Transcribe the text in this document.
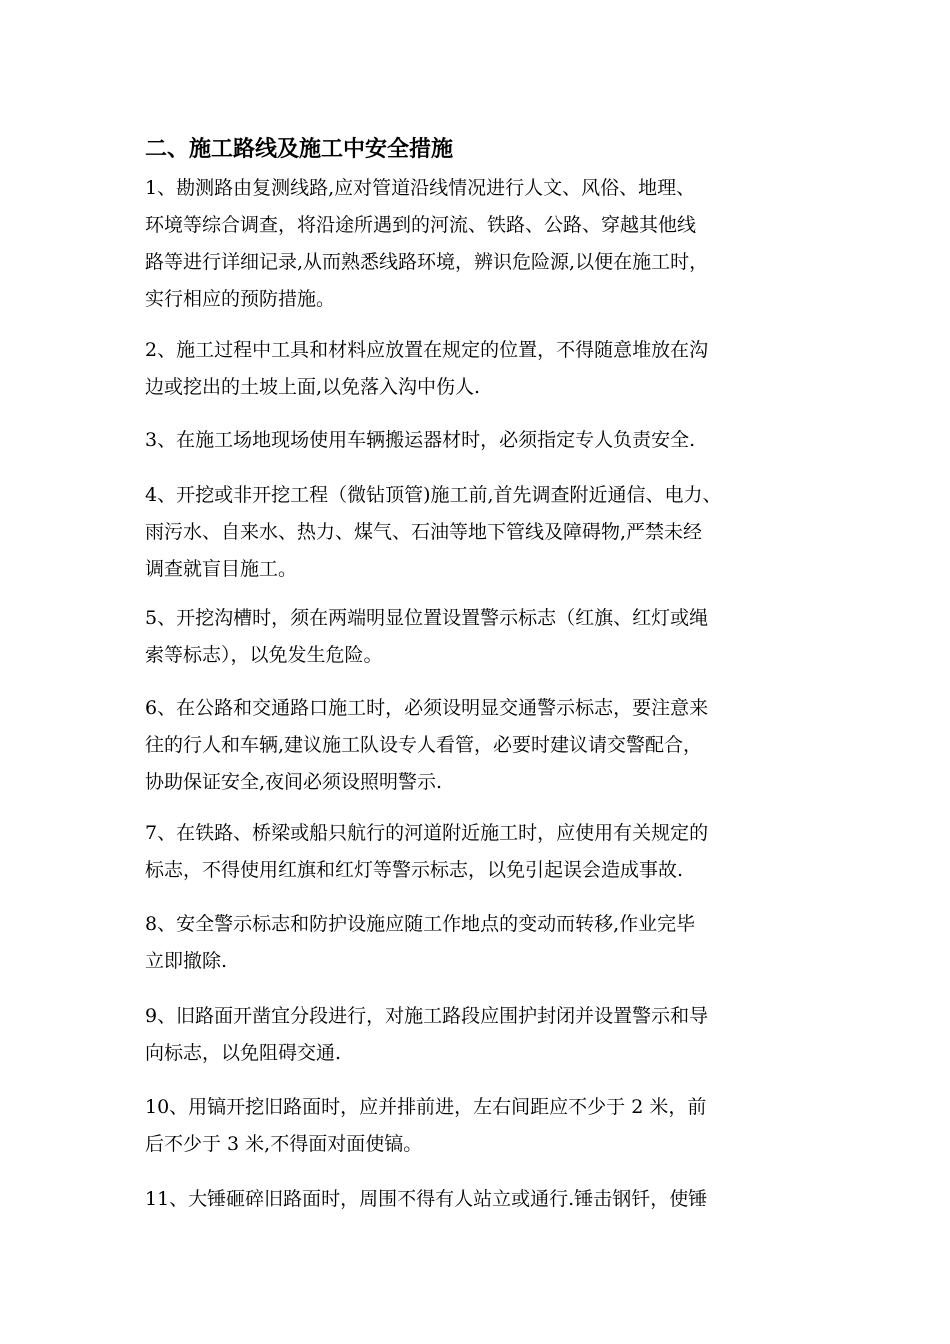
二、施工路线及施工中安全措施
1、勘测路由复测线路,应对管道沿线情况进行人文、风俗、地理、
环境等综合调查，将沿途所遇到的河流、铁路、公路、穿越其他线
路等进行详细记录,从而熟悉线路环境，辨识危险源,以便在施工时，
实行相应的预防措施。
2、施工过程中工具和材料应放置在规定的位置，不得随意堆放在沟
边或挖出的土坡上面,以免落入沟中伤人.
3、在施工场地现场使用车辆搬运器材时，必须指定专人负责安全.
4、开挖或非开挖工程（微钻顶管)施工前,首先调查附近通信、电力、
雨污水、自来水、热力、煤气、石油等地下管线及障碍物,严禁未经
调查就盲目施工。
5、开挖沟槽时，须在两端明显位置设置警示标志（红旗、红灯或绳
索等标志），以免发生危险。
6、在公路和交通路口施工时，必须设明显交通警示标志，要注意来
往的行人和车辆,建议施工队设专人看管，必要时建议请交警配合，
协助保证安全,夜间必须设照明警示.
7、在铁路、桥梁或船只航行的河道附近施工时，应使用有关规定的
标志，不得使用红旗和红灯等警示标志，以免引起误会造成事故.
8、安全警示标志和防护设施应随工作地点的变动而转移,作业完毕
立即撤除.
9、旧路面开凿宜分段进行，对施工路段应围护封闭并设置警示和导
向标志，以免阻碍交通.
10、用镐开挖旧路面时，应并排前进，左右间距应不少于 2 米，前
后不少于 3 米,不得面对面使镐。
11、大锤砸碎旧路面时，周围不得有人站立或通行.锤击钢钎，使锤
